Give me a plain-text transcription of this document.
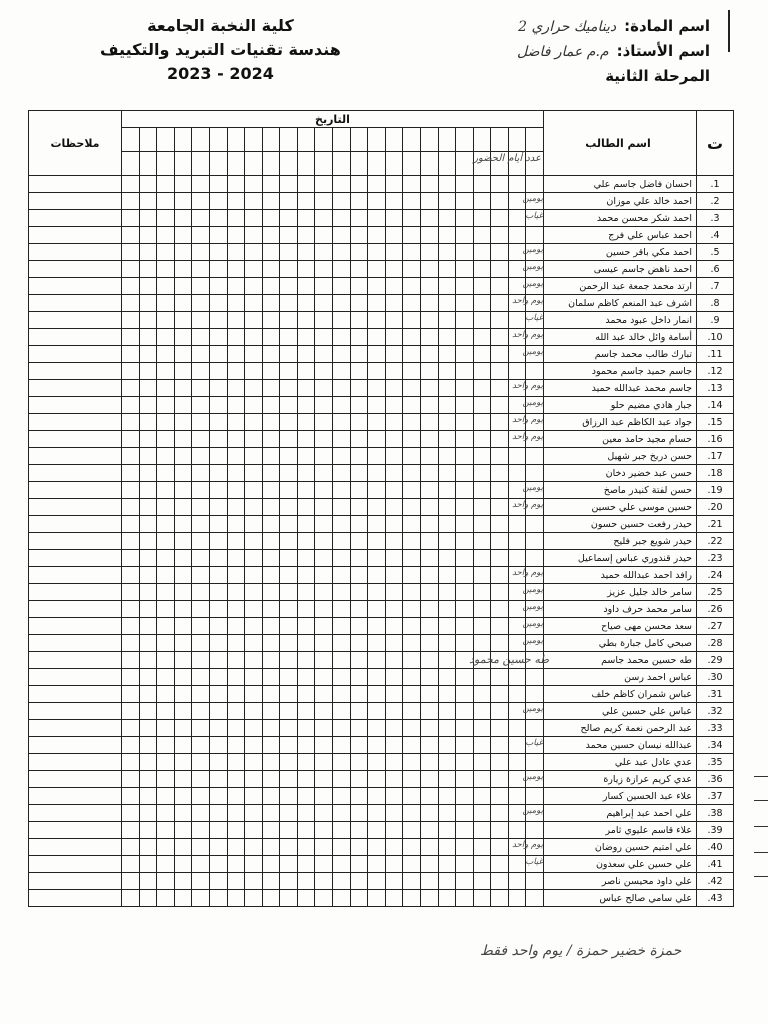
اسم المادة:ديناميك حراري 2
اسم الأستاذ:م.م عمار فاضل
المرحلة الثانية
كلية النخبة الجامعة
هندسة تقنيات التبريد والتكييف
2023 - 2024
ت	اسم الطالب	التاريخ																								ملاحظات

		عدد أيام الحضور																								

1.	احسان فاضل جاسم علي	

2.	احمد خالد علي موزان	يومين																								

3.	احمد شكر محسن محمد	غياب																								

4.	احمد عباس علي فرج	

5.	احمد مكي باقر حسين	يومين																								

6.	احمد ناهض جاسم عيسى	يومين																								

7.	ارتد محمد جمعة عبد الرحمن	يومين																								

8.	اشرف عبد المنعم كاظم سلمان	يوم واحد																								

9.	انمار داخل عبود محمد	غياب																								

10.	أسامة وائل خالد عبد الله	يوم واحد																								

11.	تبارك طالب محمد جاسم	يومين																								

12.	جاسم حميد جاسم محمود	

13.	جاسم محمد عبدالله حميد	يوم واحد																								

14.	جبار هادي مضيم حلو	يومين																								

15.	جواد عبد الكاظم عبد الرزاق	يوم واحد																								

16.	حسام مجيد حامد معين	يوم واحد																								

17.	حسن دريخ جبر شهيل	

18.	حسن عبد خضير دخان	

19.	حسن لفتة كنيدر ماصخ	يومين																								

20.	حسين موسى علي حسين	يوم واحد																								

21.	حيدر رفعت حسين حسون	

22.	حيدر شويع جبر فليح	

23.	حيدر قندوري عباس إسماعيل	

24.	رافد احمد عبدالله حميد	يوم واحد																								

25.	سامر خالد جليل عزيز	يومين																								

26.	سامر محمد حرف داود	يومين																								

27.	سعد محسن مهى صياح	يومين																								

28.	صبحي كامل جبارة بطي	يومين																								

29.	طه حسين محمد جاسم	طه حسين محمود																								

30.	عباس احمد رسن	

31.	عباس شمران كاظم خلف	

32.	عباس علي حسين علي	يومين																								

33.	عبد الرحمن نعمة كريم صالح	

34.	عبدالله نيسان حسين محمد	غياب																								

35.	عدي عادل عبد علي	

36.	عدي كريم عرازة زيارة	يومين																								

37.	علاء عبد الحسين كسار	

38.	علي احمد عبد إبراهيم	يومين																								

39.	علاء قاسم عليوي ثامر	

40.	علي امتيم حسين روضان	يوم واحد																								

41.	علي حسين علي سعدون	غياب																								

42.	علي داود محيسن ناصر	

43.	علي سامي صالح عباس	

حمزة خضير حمزة / يوم واحد فقط
